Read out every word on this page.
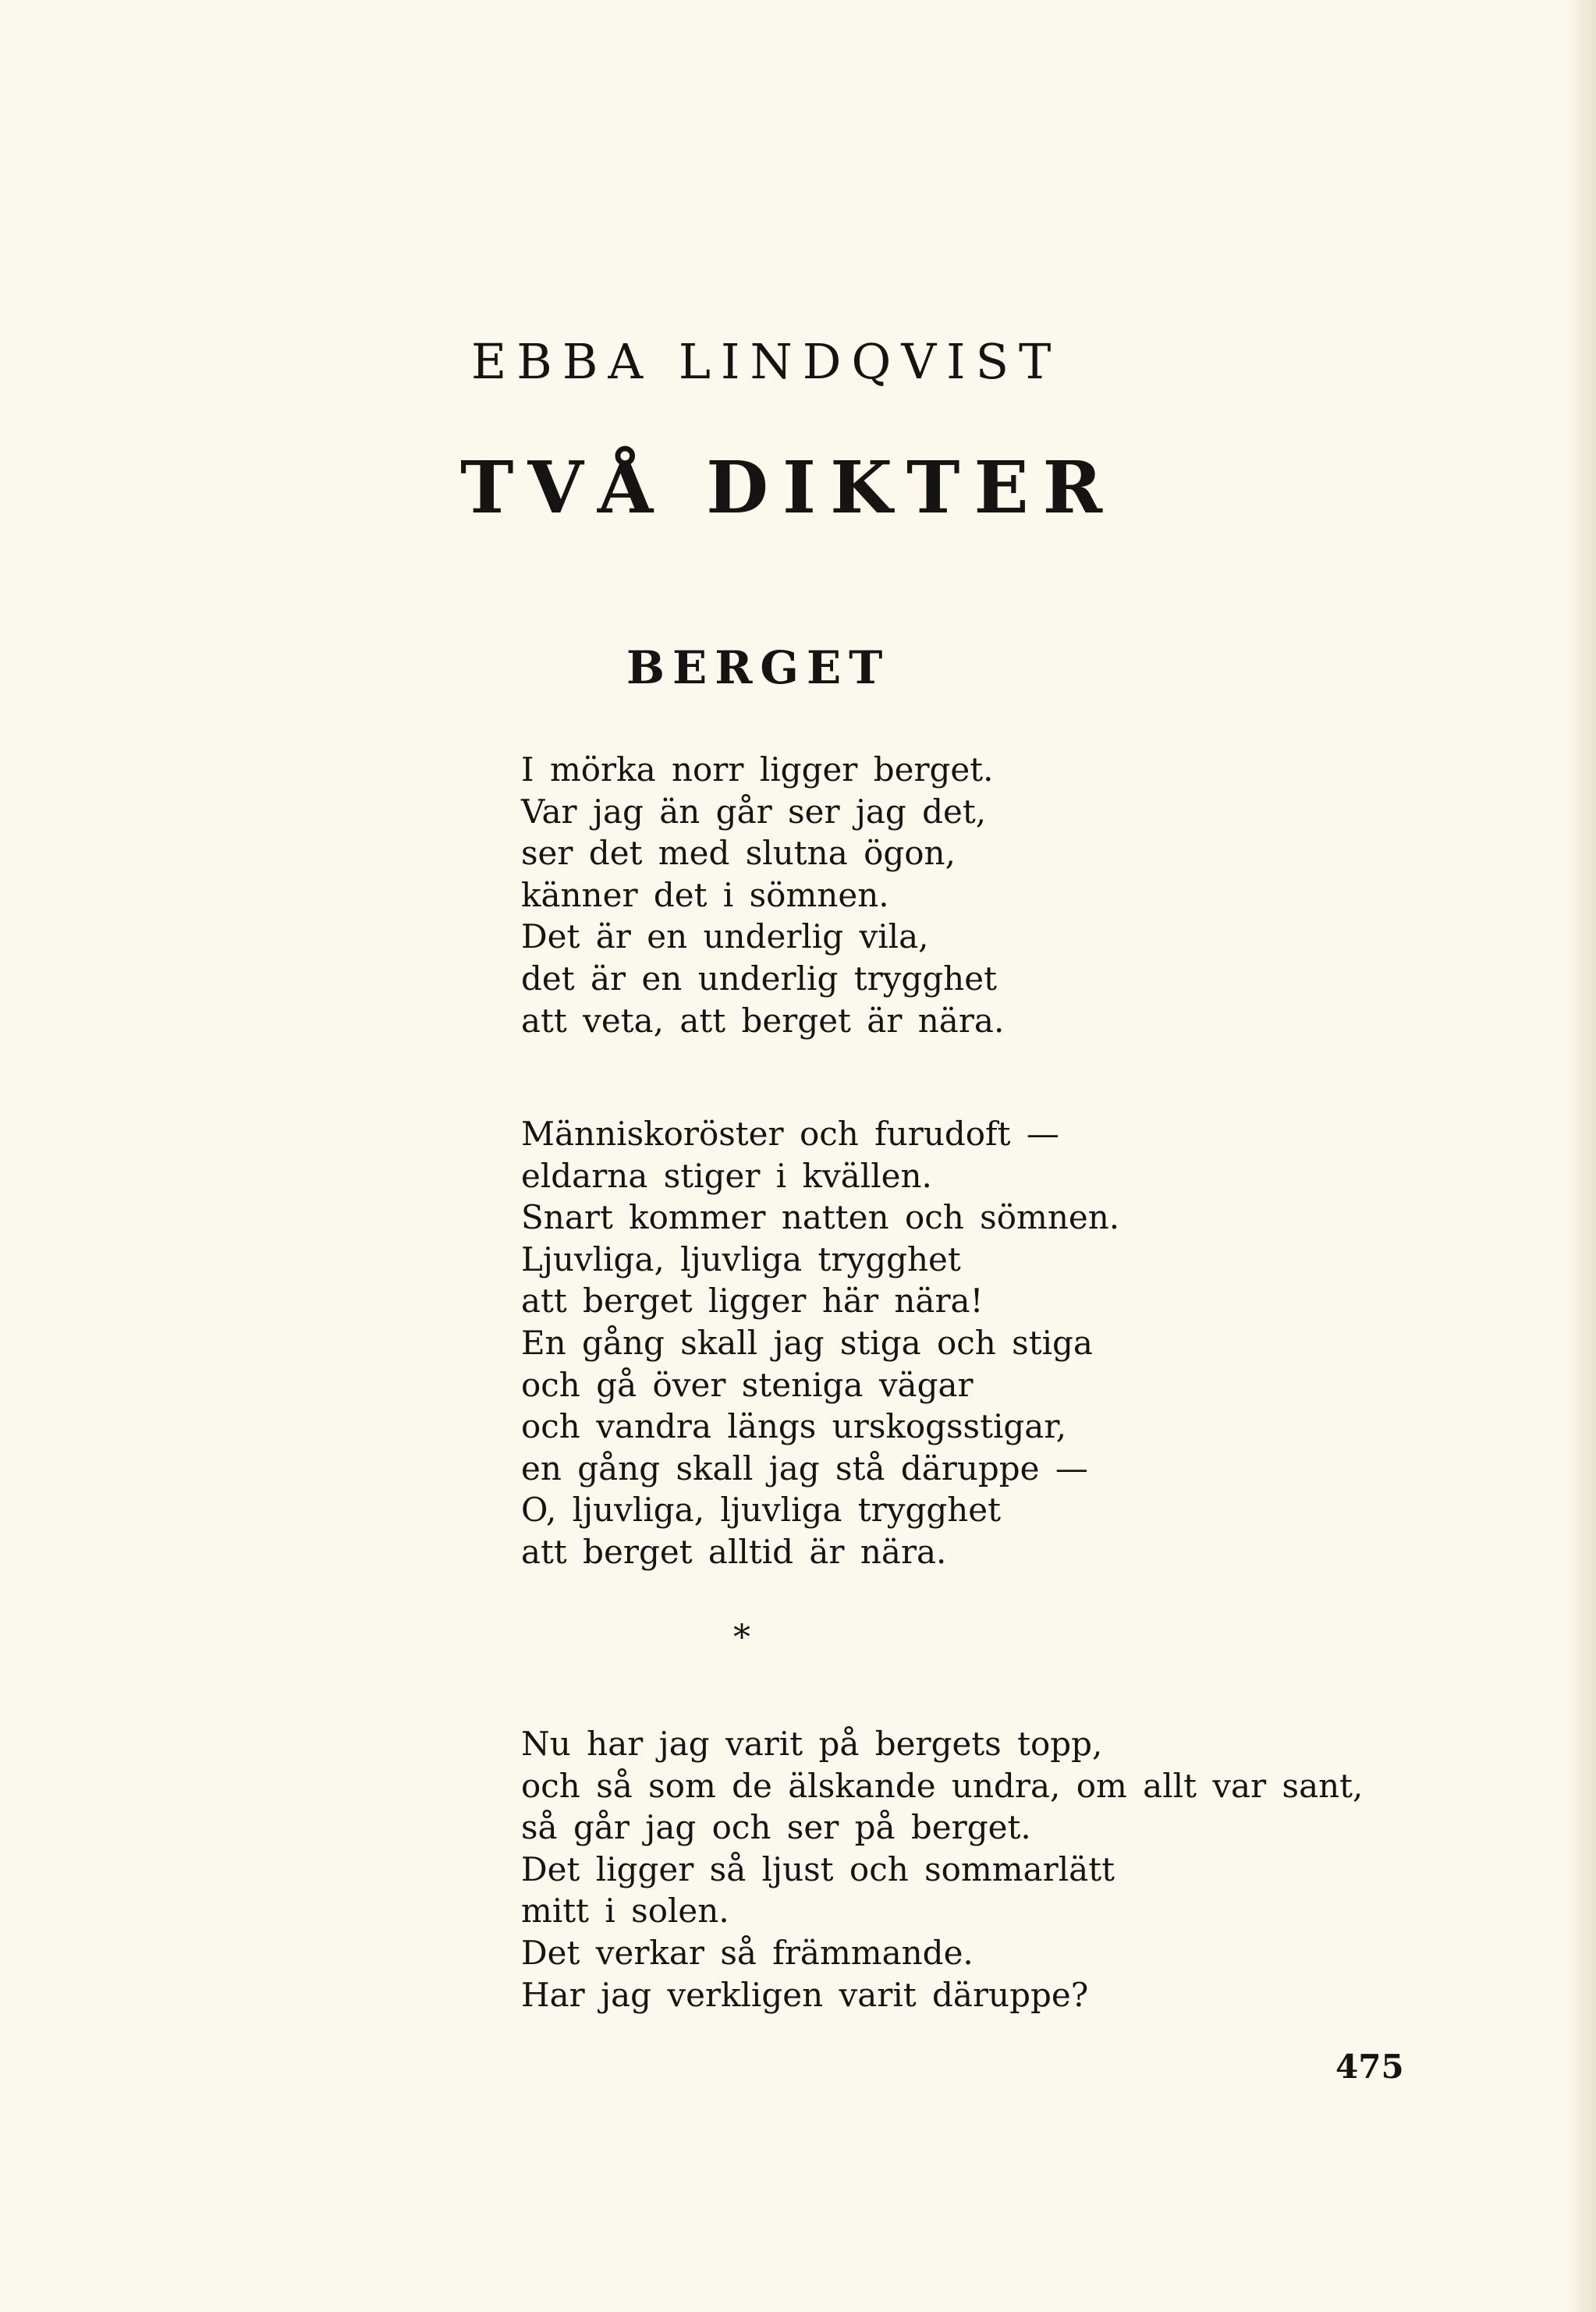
EBBA LINDQVIST
TVÅ DIKTER
BERGET
I mörka norr ligger berget.
Var jag än går ser jag det,
ser det med slutna ögon,
känner det i sömnen.
Det är en underlig vila,
det är en underlig trygghet
att veta, att berget är nära.
Människoröster och furudoft —
eldarna stiger i kvällen.
Snart kommer natten och sömnen.
Ljuvliga, ljuvliga trygghet
att berget ligger här nära!
En gång skall jag stiga och stiga
och gå över steniga vägar
och vandra längs urskogsstigar,
en gång skall jag stå däruppe —
O, ljuvliga, ljuvliga trygghet
att berget alltid är nära.
*
Nu har jag varit på bergets topp,
och så som de älskande undra, om allt var sant,
så går jag och ser på berget.
Det ligger så ljust och sommarlätt
mitt i solen.
Det verkar så främmande.
Har jag verkligen varit däruppe?
475
